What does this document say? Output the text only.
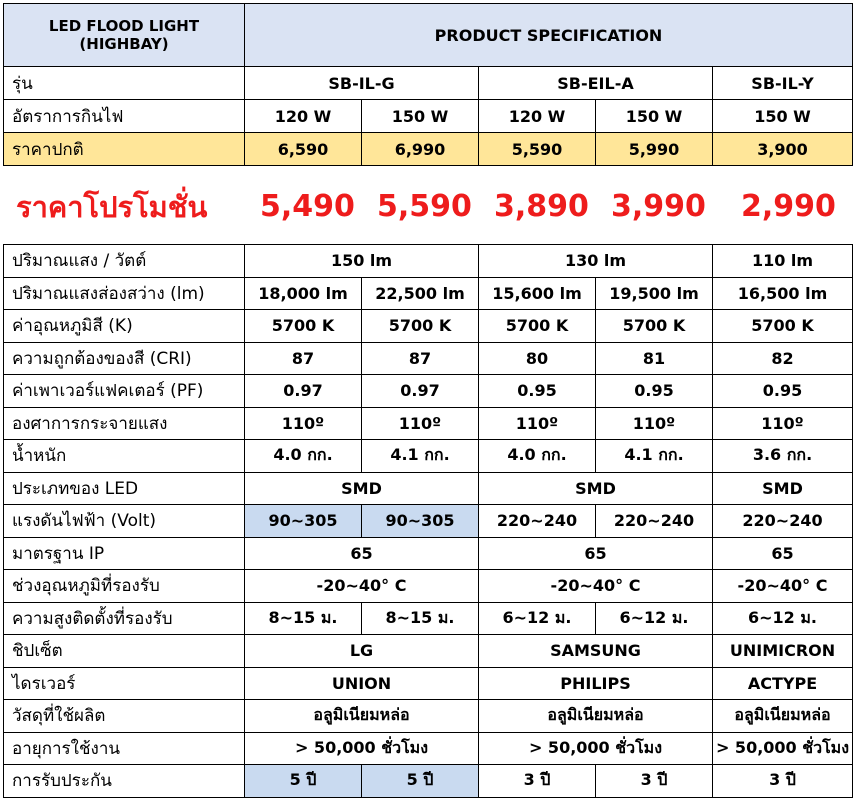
LED FLOOD LIGHT
(HIGHBAY)	PRODUCT SPECIFICATION				
รุ่น	SB-IL-G		SB-EIL-A		SB-IL-Y
อัตราการกินไฟ	120 W	150 W	120 W	150 W	150 W
ราคาปกติ	6,590	6,990	5,590	5,990	3,900
ราคาโปรโมชั่น 5,490 5,590 3,890 3,990 2,990
ปริมาณแสง / วัตต์	150 lm		130 lm		110 lm
ปริมาณแสงส่องสว่าง (lm)	18,000 lm	22,500 lm	15,600 lm	19,500 lm	16,500 lm
ค่าอุณหภูมิสี (K)	5700 K	5700 K	5700 K	5700 K	5700 K
ความถูกต้องของสี (CRI)	87	87	80	81	82
ค่าเพาเวอร์แฟคเตอร์ (PF)	0.97	0.97	0.95	0.95	0.95
องศาการกระจายแสง	110º	110º	110º	110º	110º
น้ำหนัก	4.0 กก.	4.1 กก.	4.0 กก.	4.1 กก.	3.6 กก.
ประเภทของ LED	SMD		SMD		SMD
แรงดันไฟฟ้า (Volt)	90~305	90~305	220~240	220~240	220~240
มาตรฐาน IP	65		65		65
ช่วงอุณหภูมิที่รองรับ	-20~40° C		-20~40° C		-20~40° C
ความสูงติดตั้งที่รองรับ	8~15 ม.	8~15 ม.	6~12 ม.	6~12 ม.	6~12 ม.
ชิปเซ็ต	LG		SAMSUNG		UNIMICRON
ไดรเวอร์	UNION		PHILIPS		ACTYPE
วัสดุที่ใช้ผลิต	อลูมิเนียมหล่อ		อลูมิเนียมหล่อ		อลูมิเนียมหล่อ
อายุการใช้งาน	> 50,000 ชั่วโมง		> 50,000 ชั่วโมง		> 50,000 ชั่วโมง
การรับประกัน	5 ปี	5 ปี	3 ปี	3 ปี	3 ปี
